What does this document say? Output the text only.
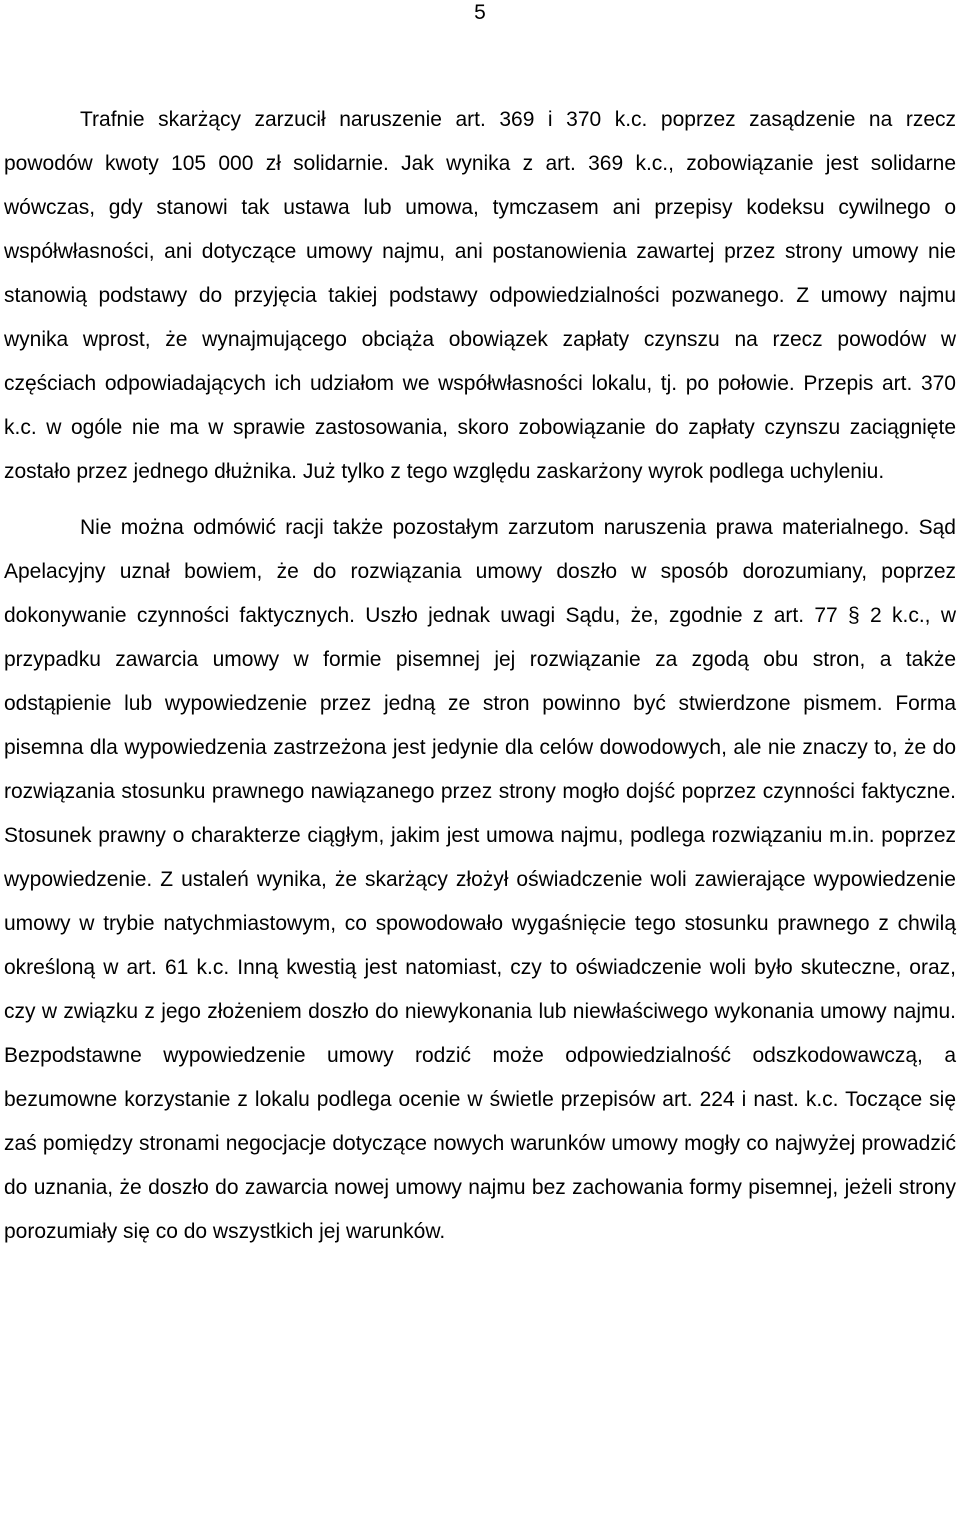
5

Trafnie skarżący zarzucił naruszenie art. 369 i 370 k.c. poprzez zasądzenie na rzecz powodów kwoty 105 000 zł solidarnie. Jak wynika z art. 369 k.c., zobowiązanie jest solidarne wówczas, gdy stanowi tak ustawa lub umowa, tymczasem ani przepisy kodeksu cywilnego o współwłasności, ani dotyczące umowy najmu, ani postanowienia zawartej przez strony umowy nie stanowią podstawy do przyjęcia takiej podstawy odpowiedzialności pozwanego. Z umowy najmu wynika wprost, że wynajmującego obciąża obowiązek zapłaty czynszu na rzecz powodów w częściach odpowiadających ich udziałom we współwłasności lokalu, tj. po połowie. Przepis art. 370 k.c. w ogóle nie ma w sprawie zastosowania, skoro zobowiązanie do zapłaty czynszu zaciągnięte zostało przez jednego dłużnika. Już tylko z tego względu zaskarżony wyrok podlega uchyleniu.

Nie można odmówić racji także pozostałym zarzutom naruszenia prawa materialnego. Sąd Apelacyjny uznał bowiem, że do rozwiązania umowy doszło w sposób dorozumiany, poprzez dokonywanie czynności faktycznych. Uszło jednak uwagi Sądu, że, zgodnie z art. 77 § 2 k.c., w przypadku zawarcia umowy w formie pisemnej jej rozwiązanie za zgodą obu stron, a także odstąpienie lub wypowiedzenie przez jedną ze stron powinno być stwierdzone pismem. Forma pisemna dla wypowiedzenia zastrzeżona jest jedynie dla celów dowodowych, ale nie znaczy to, że do rozwiązania stosunku prawnego nawiązanego przez strony mogło dojść poprzez czynności faktyczne. Stosunek prawny o charakterze ciągłym, jakim jest umowa najmu, podlega rozwiązaniu m.in. poprzez wypowiedzenie. Z ustaleń wynika, że skarżący złożył oświadczenie woli zawierające wypowiedzenie umowy w trybie natychmiastowym, co spowodowało wygaśnięcie tego stosunku prawnego z chwilą określoną w art. 61 k.c. Inną kwestią jest natomiast, czy to oświadczenie woli było skuteczne, oraz, czy w związku z jego złożeniem doszło do niewykonania lub niewłaściwego wykonania umowy najmu. Bezpodstawne wypowiedzenie umowy rodzić może odpowiedzialność odszkodowawczą, a bezumowne korzystanie z lokalu podlega ocenie w świetle przepisów art. 224 i nast. k.c. Toczące się zaś pomiędzy stronami negocjacje dotyczące nowych warunków umowy mogły co najwyżej prowadzić do uznania, że doszło do zawarcia nowej umowy najmu bez zachowania formy pisemnej, jeżeli strony porozumiały się co do wszystkich jej warunków.
